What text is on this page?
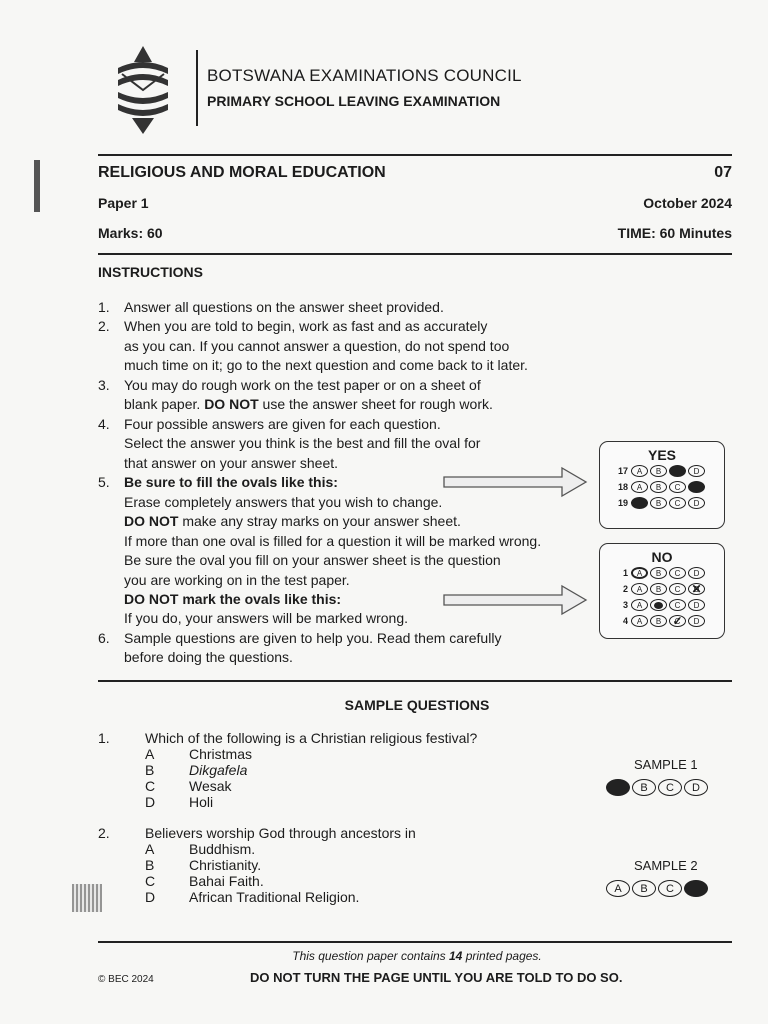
BOTSWANA EXAMINATIONS COUNCIL
PRIMARY SCHOOL LEAVING EXAMINATION
RELIGIOUS AND MORAL EDUCATION	07
Paper 1	October 2024
Marks: 60	TIME: 60 Minutes
INSTRUCTIONS
1. Answer all questions on the answer sheet provided.
2. When you are told to begin, work as fast and as accurately
as you can. If you cannot answer a question, do not spend too
much time on it; go to the next question and come back to it later.
3. You may do rough work on the test paper or on a sheet of
blank paper. DO NOT use the answer sheet for rough work.
4. Four possible answers are given for each question.
Select the answer you think is the best and fill the oval for
that answer on your answer sheet.
5. Be sure to fill the ovals like this:
Erase completely answers that you wish to change.
DO NOT make any stray marks on your answer sheet.
If more than one oval is filled for a question it will be marked wrong.
Be sure the oval you fill on your answer sheet is the question
you are working on in the test paper.
DO NOT mark the ovals like this:
If you do, your answers will be marked wrong.
6. Sample questions are given to help you. Read them carefully
before doing the questions.
YES
17	A	B	D
18	A	B	C
19	B	C	D
NO
1	A	B	C	D
2	A	B	C	✕ D
3	A	C	D
4	A	B	✓ C	D
SAMPLE QUESTIONS
1.	Which of the following is a Christian religious festival?
A Christmas
B Dikgafela
C Wesak
D Holi
SAMPLE 1
B	C	D
2.	Believers worship God through ancestors in
A Buddhism.
B Christianity.
C Bahai Faith.
D African Traditional Religion.
SAMPLE 2
A	B	C
This question paper contains 14 printed pages.
© BEC 2024	DO NOT TURN THE PAGE UNTIL YOU ARE TOLD TO DO SO.
